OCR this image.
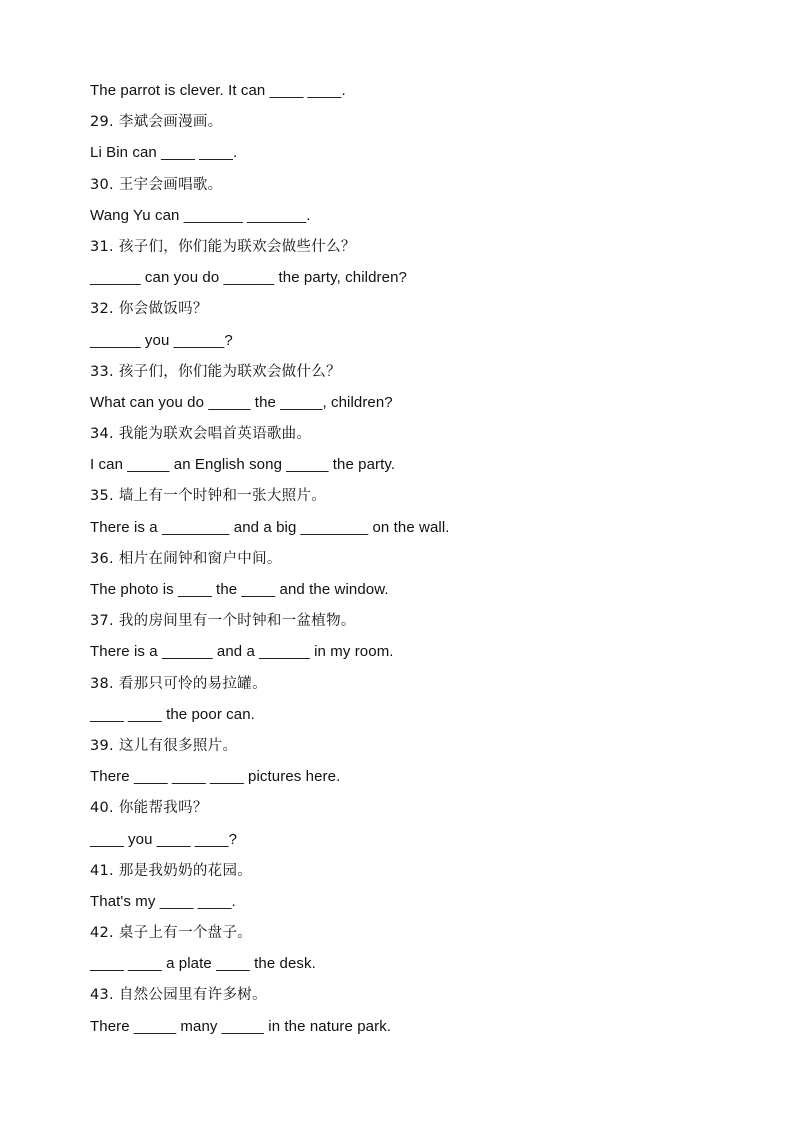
The parrot is clever. It can ____ ____.
29. 李斌会画漫画。
Li Bin can ____ ____.
30. 王宇会画唱歌。
Wang Yu can _______ _______.
31. 孩子们，你们能为联欢会做些什么？
______ can you do ______ the party, children?
32. 你会做饭吗？
______ you ______?
33. 孩子们，你们能为联欢会做什么？
What can you do _____ the _____, children?
34. 我能为联欢会唱首英语歌曲。
I can _____ an English song _____ the party.
35. 墙上有一个时钟和一张大照片。
There is a ________ and a big ________ on the wall.
36. 相片在闹钟和窗户中间。
The photo is ____ the ____ and the window.
37. 我的房间里有一个时钟和一盆植物。
There is a ______ and a ______ in my room.
38. 看那只可怜的易拉罐。
____ ____ the poor can.
39. 这儿有很多照片。
There ____ ____ ____ pictures here.
40. 你能帮我吗？
____ you ____ ____?
41. 那是我奶奶的花园。
That's my ____ ____.
42. 桌子上有一个盘子。
____ ____ a plate ____ the desk.
43. 自然公园里有许多树。
There _____ many _____ in the nature park.
